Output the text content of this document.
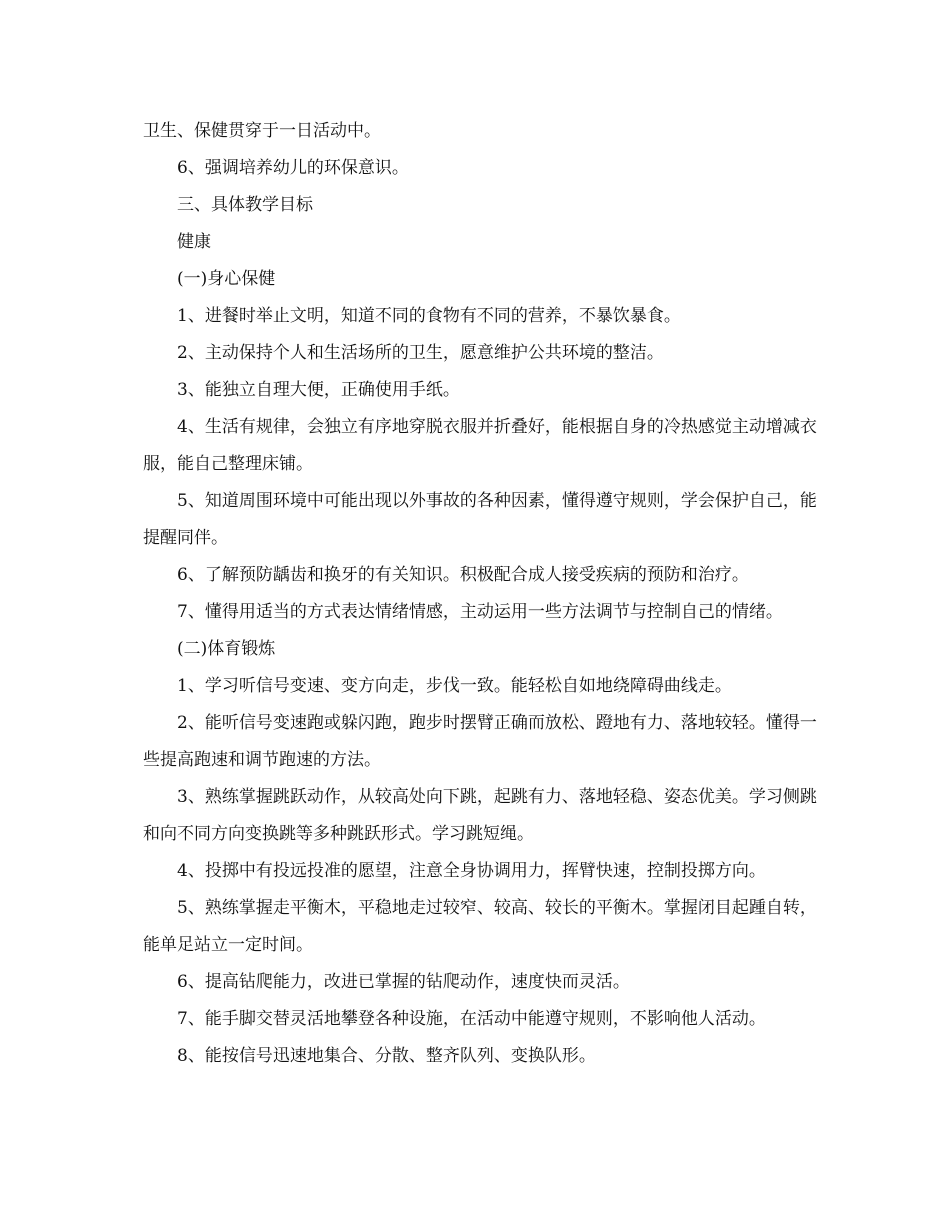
卫生、保健贯穿于一日活动中。

6、强调培养幼儿的环保意识。

三、具体教学目标

健康

(一)身心保健

1、进餐时举止文明，知道不同的食物有不同的营养，不暴饮暴食。

2、主动保持个人和生活场所的卫生，愿意维护公共环境的整洁。

3、能独立自理大便，正确使用手纸。

4、生活有规律，会独立有序地穿脱衣服并折叠好，能根据自身的冷热感觉主动增减衣服，能自己整理床铺。

5、知道周围环境中可能出现以外事故的各种因素，懂得遵守规则，学会保护自己，能提醒同伴。

6、了解预防龋齿和换牙的有关知识。积极配合成人接受疾病的预防和治疗。

7、懂得用适当的方式表达情绪情感，主动运用一些方法调节与控制自己的情绪。

(二)体育锻炼

1、学习听信号变速、变方向走，步伐一致。能轻松自如地绕障碍曲线走。

2、能听信号变速跑或躲闪跑，跑步时摆臂正确而放松、蹬地有力、落地较轻。懂得一些提高跑速和调节跑速的方法。

3、熟练掌握跳跃动作，从较高处向下跳，起跳有力、落地轻稳、姿态优美。学习侧跳和向不同方向变换跳等多种跳跃形式。学习跳短绳。

4、投掷中有投远投准的愿望，注意全身协调用力，挥臂快速，控制投掷方向。

5、熟练掌握走平衡木，平稳地走过较窄、较高、较长的平衡木。掌握闭目起踵自转，能单足站立一定时间。

6、提高钻爬能力，改进已掌握的钻爬动作，速度快而灵活。

7、能手脚交替灵活地攀登各种设施，在活动中能遵守规则，不影响他人活动。

8、能按信号迅速地集合、分散、整齐队列、变换队形。
